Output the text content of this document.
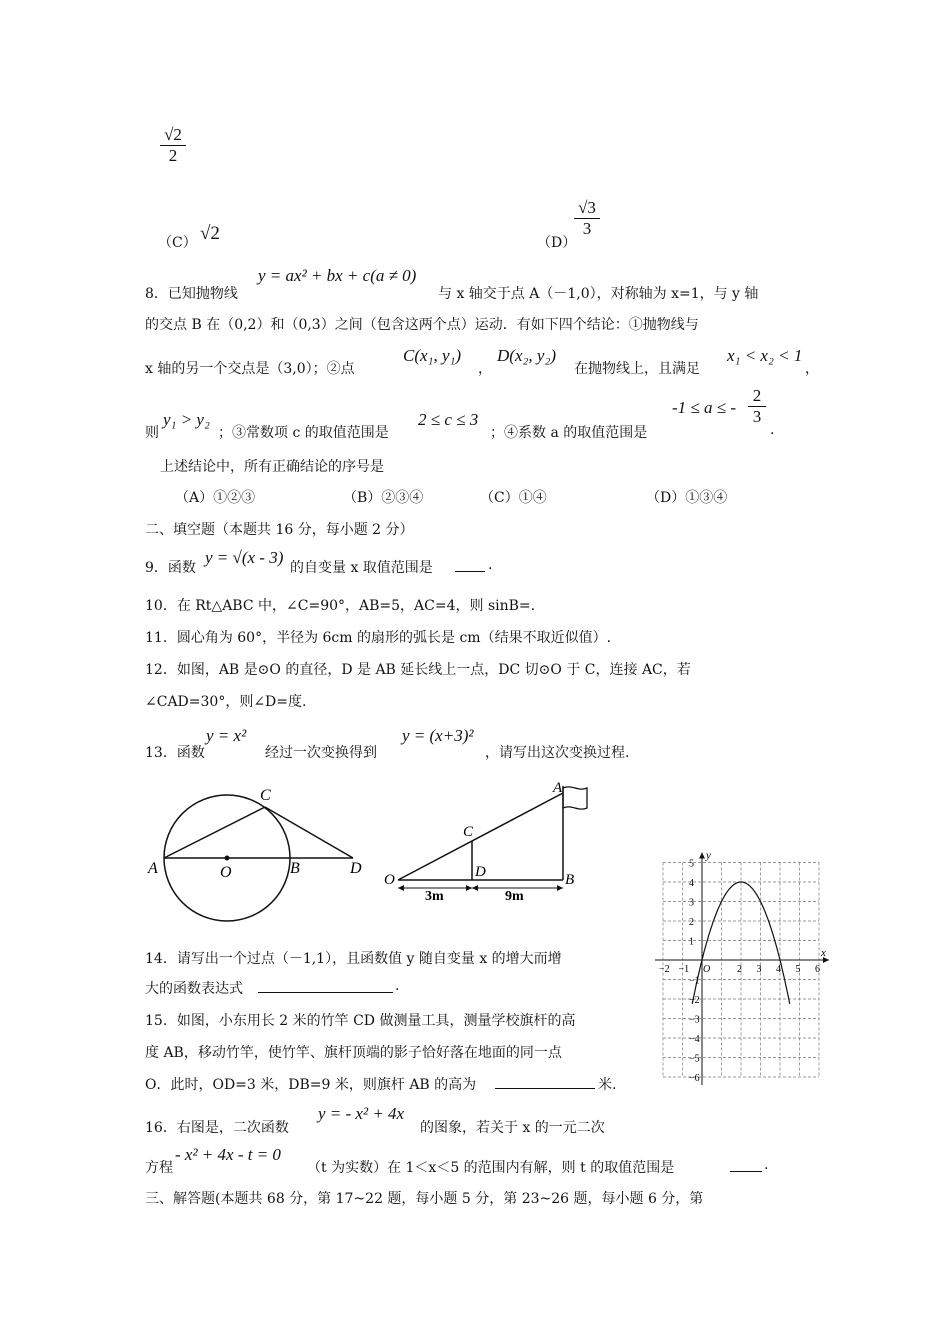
$\frac{√2}{2}$
（C） √2	（D）
$\frac{√3}{3}$
8．已知抛物线
y = ax² + bx + c(a ≠ 0)
与 x 轴交于点 A（－1,0），对称轴为 x=1，与 y 轴
的交点 B 在（0,2）和（0,3）之间（包含这两个点）运动．有如下四个结论：①抛物线与
x 轴的另一个交点是（3,0）；②点
C(x₁, y₁)
，
D(x₂, y₂)
在抛物线上，且满足
x₁ < x₂ < 1
，
则
y₁ > y₂
；③常数项 c 的取值范围是
2 ≤ c ≤ 3
；④系数 a 的取值范围是
-1 ≤ a ≤ - $\frac{2}{3}$
.
上述结论中，所有正确结论的序号是
（A）①②③	（B）②③④	（C）①④	（D）①③④
二、填空题（本题共 16 分，每小题 2 分）
9．函数
y = √(x - 3)
的自变量 x 取值范围是	.
10．在 Rt△ABC 中，∠C=90°，AB=5，AC=4，则 sinB=.
11．圆心角为 60°，半径为 6cm 的扇形的弧长是 cm（结果不取近似值）.
12．如图，AB 是⊙O 的直径，D 是 AB 延长线上一点，DC 切⊙O 于 C，连接 AC，若
∠CAD=30°，则∠D=度.
13．函数
y = x²
经过一次变换得到
y = (x+3)²
，请写出这次变换过程.
C
A	O	B	D
A
C
O	D	B
3m	9m
x
y
O
−2 −1	2 3 4 5 6
5
4
3
2
1
−1
−2
−3
−4
−5
−6
14．请写出一个过点（－1,1），且函数值 y 随自变量 x 的增大而增
大的函数表达式	.
15．如图，小东用长 2 米的竹竿 CD 做测量工具，测量学校旗杆的高
度 AB，移动竹竿，使竹竿、旗杆顶端的影子恰好落在地面的同一点
O．此时，OD=3 米，DB=9 米，则旗杆 AB 的高为	米.
16．右图是，二次函数
y = - x² + 4x
的图象，若关于 x 的一元二次
方程
- x² + 4x - t = 0
（t 为实数）在 1＜x＜5 的范围内有解，则 t 的取值范围是	.
三、解答题(本题共 68 分，第 17~22 题，每小题 5 分，第 23~26 题，每小题 6 分，第
